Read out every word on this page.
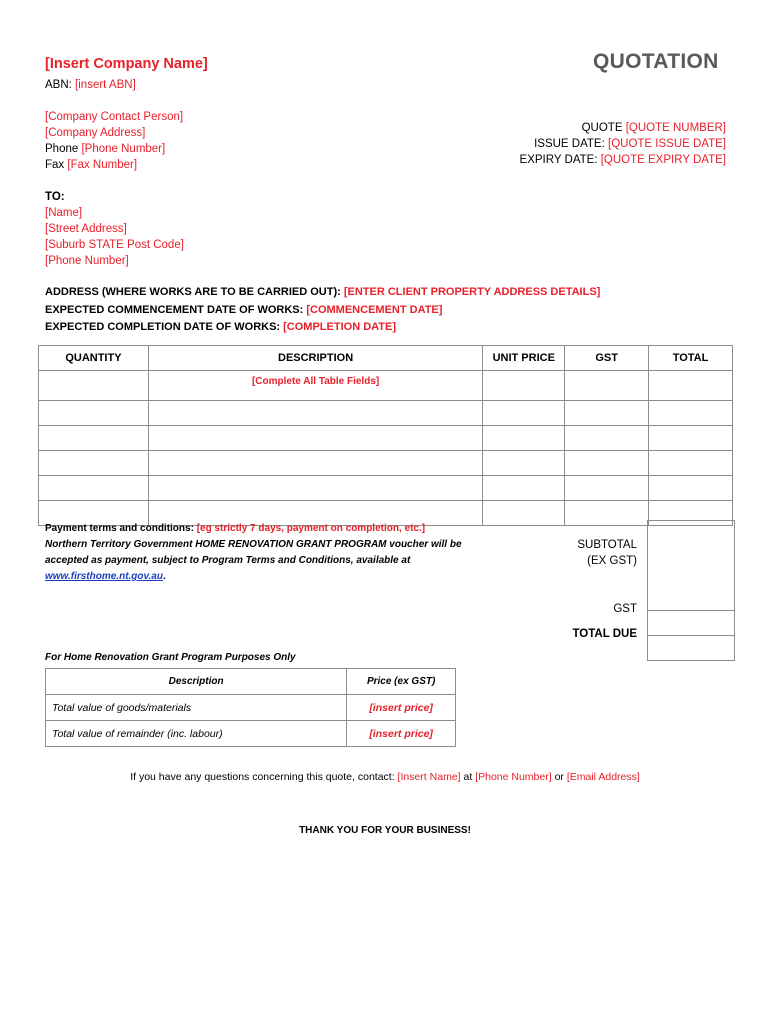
[Insert Company Name]	QUOTATION
ABN: [insert ABN]
[Company Contact Person]
[Company Address]
Phone [Phone Number]
Fax [Fax Number]
QUOTE [QUOTE NUMBER]
ISSUE DATE: [QUOTE ISSUE DATE]
EXPIRY DATE: [QUOTE EXPIRY DATE]
TO:
[Name]
[Street Address]
[Suburb STATE Post Code]
[Phone Number]
ADDRESS (WHERE WORKS ARE TO BE CARRIED OUT): [ENTER CLIENT PROPERTY ADDRESS DETAILS]
EXPECTED COMMENCEMENT DATE OF WORKS: [COMMENCEMENT DATE]
EXPECTED COMPLETION DATE OF WORKS: [COMPLETION DATE]
QUANTITY	DESCRIPTION	UNIT PRICE	GST	TOTAL
	[Complete All Table Fields]			

Payment terms and conditions: [eg strictly 7 days, payment on completion, etc.]
Northern Territory Government HOME RENOVATION GRANT PROGRAM voucher will be accepted as payment, subject to Program Terms and Conditions, available at www.firsthome.nt.gov.au.
SUBTOTAL
(EX GST)
GST
TOTAL DUE
For Home Renovation Grant Program Purposes Only
Description	Price (ex GST)
Total value of goods/materials	[insert price]
Total value of remainder (inc. labour)	[insert price]
If you have any questions concerning this quote, contact: [Insert Name] at [Phone Number] or [Email Address]
THANK YOU FOR YOUR BUSINESS!
